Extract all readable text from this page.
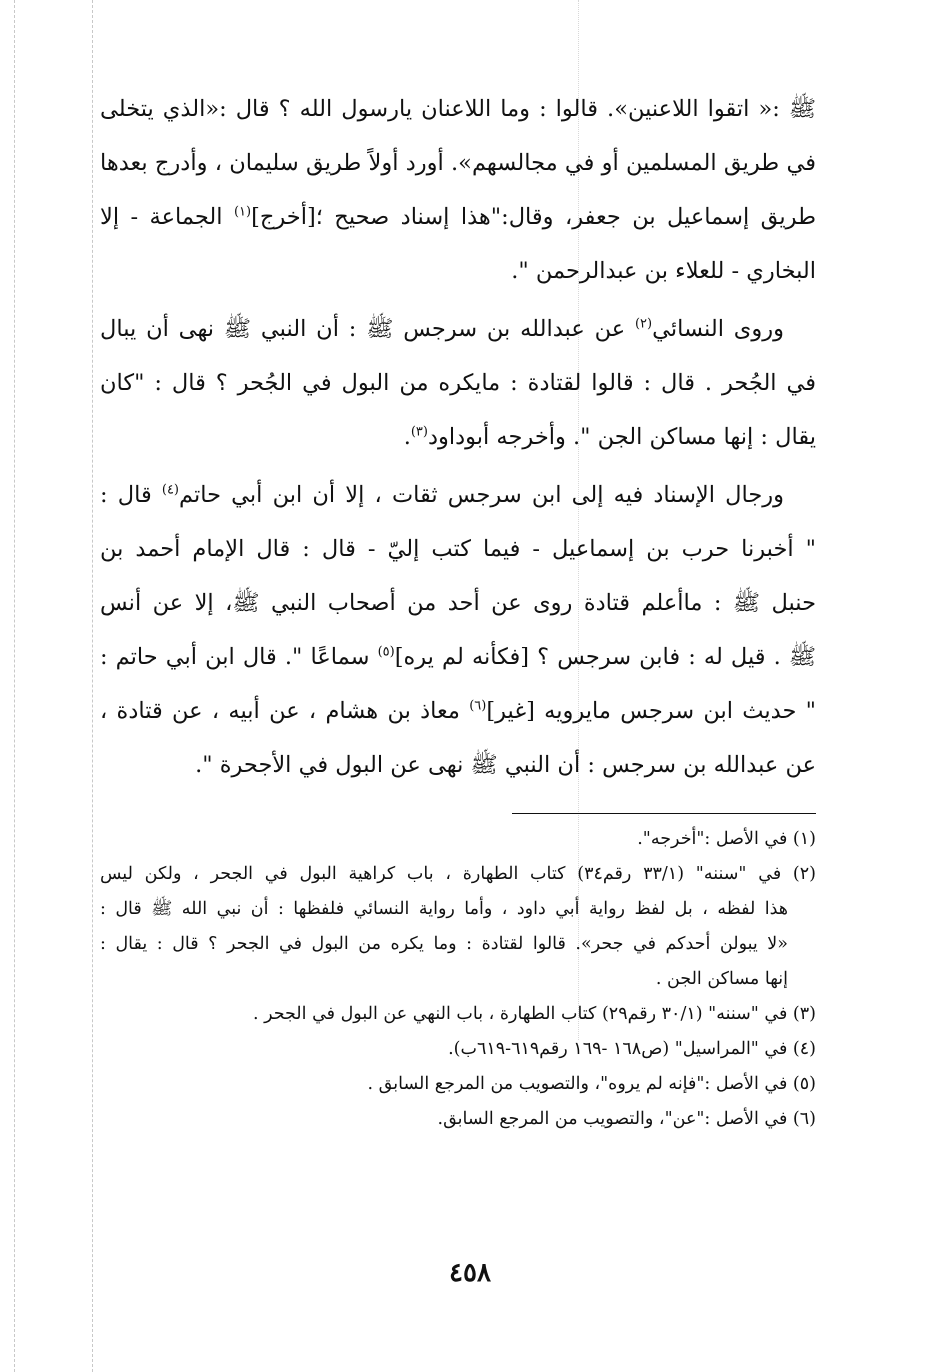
ﷺ :« اتقوا اللاعنين». قالوا : وما اللاعنان يارسول الله ؟ قال :«الذي يتخلى
في طريق المسلمين أو في مجالسهم». أورد أولاً طريق سليمان ، وأدرج بعدها
طريق إسماعيل بن جعفر، وقال:"هذا إسناد صحيح ؛[أخرج]$^{(١)}$ الجماعة - إلا
البخاري - للعلاء بن عبدالرحمن ".
وروى النسائي$^{(٢)}$ عن عبدالله بن سرجس ﷺ : أن النبي ﷺ نهى أن يبال
في الجُحر . قال : قالوا لقتادة : مايكره من البول في الجُحر ؟ قال : "كان
يقال : إنها مساكن الجن ". وأخرجه أبوداود$^{(٣)}$.
ورجال الإسناد فيه إلى ابن سرجس ثقات ، إلا أن ابن أبي حاتم$^{(٤)}$ قال :
" أخبرنا حرب بن إسماعيل - فيما كتب إليّ - قال : قال الإمام أحمد بن
حنبل ﷺ : ماأعلم قتادة روى عن أحد من أصحاب النبي ﷺ، إلا عن أنس
ﷺ . قيل له : فابن سرجس ؟ [فكأنه لم يره]$^{(٥)}$ سماعًا ". قال ابن أبي حاتم :
" حديث ابن سرجس مايرويه [غير]$^{(٦)}$ معاذ بن هشام ، عن أبيه ، عن قتادة ،
عن عبدالله بن سرجس : أن النبي ﷺ نهى عن البول في الأجحرة ".
(١) في الأصل :"أخرجه".
(٢) في "سننه" (٣٣/١ رقم٣٤) كتاب الطهارة ، باب كراهية البول في الجحر ، ولكن ليس
هذا لفظه ، بل لفظ رواية أبي داود ، وأما رواية النسائي فلفظها : أن نبي الله ﷺ قال :
«لا يبولن أحدكم في جحر». قالوا لقتادة : وما يكره من البول في الجحر ؟ قال : يقال :
إنها مساكن الجن .
(٣) في "سننه" (٣٠/١ رقم٢٩) كتاب الطهارة ، باب النهي عن البول في الجحر .
(٤) في "المراسيل" (ص١٦٨ -١٦٩ رقم٦١٩-٦١٩ب).
(٥) في الأصل :"فإنه لم يروه"، والتصويب من المرجع السابق .
(٦) في الأصل :"عن"، والتصويب من المرجع السابق.
٤٥٨
